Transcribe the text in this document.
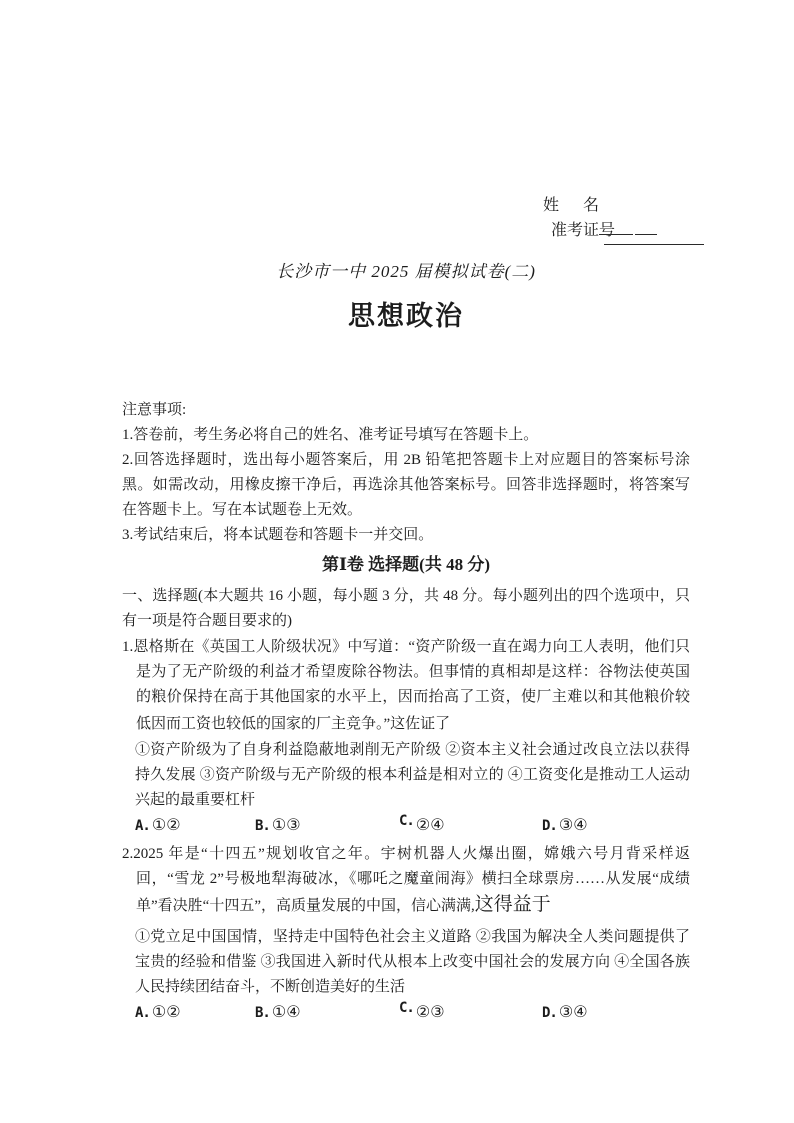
姓 名
准考证号
长沙市一中 2025 届模拟试卷(二)
思想政治

注意事项:

1.答卷前，考生务必将自己的姓名、准考证号填写在答题卡上。

2.回答选择题时，选出每小题答案后，用 2B 铅笔把答题卡上对应题目的答案标号涂黑。如需改动，用橡皮擦干净后，再选涂其他答案标号。回答非选择题时，将答案写在答题卡上。写在本试题卷上无效。

3.考试结束后，将本试题卷和答题卡一并交回。

第Ⅰ卷 选择题(共 48 分)

一、选择题(本大题共 16 小题，每小题 3 分，共 48 分。每小题列出的四个选项中，只有一项是符合题目要求的)

1.恩格斯在《英国工人阶级状况》中写道：“资产阶级一直在竭力向工人表明，他们只是为了无产阶级的利益才希望废除谷物法。但事情的真相却是这样：谷物法使英国的粮价保持在高于其他国家的水平上，因而抬高了工资，使厂主难以和其他粮价较低因而工资也较低的国家的厂主竞争。”这佐证了

①资产阶级为了自身利益隐蔽地剥削无产阶级 ②资本主义社会通过改良立法以获得持久发展 ③资产阶级与无产阶级的根本利益是相对立的 ④工资变化是推动工人运动兴起的最重要杠杆

A. ①②	B. ①③	C. ②④	D. ③④

2.2025 年是“十四五”规划收官之年。宇树机器人火爆出圈，嫦娥六号月背采样返回，“雪龙 2”号极地犁海破冰，《哪吒之魔童闹海》横扫全球票房……从发展“成绩单”看决胜“十四五”，高质量发展的中国，信心满满,这得益于

①党立足中国国情，坚持走中国特色社会主义道路 ②我国为解决全人类问题提供了宝贵的经验和借鉴 ③我国进入新时代从根本上改变中国社会的发展方向 ④全国各族人民持续团结奋斗，不断创造美好的生活

A. ①②	B. ①④	C. ②③	D. ③④
